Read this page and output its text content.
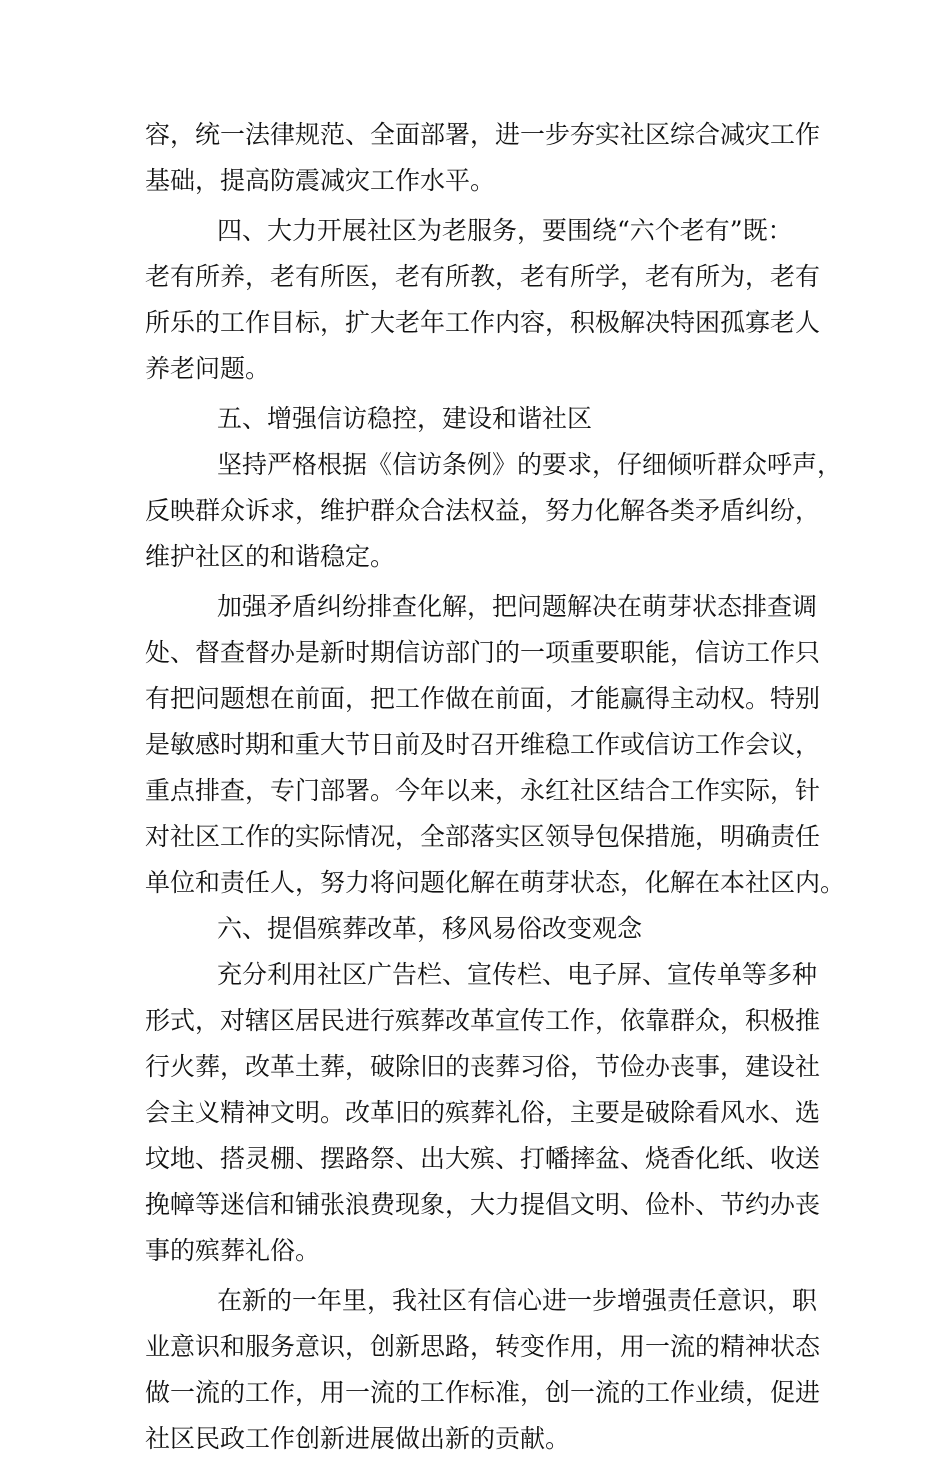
容，统一法律规范、全面部署，进一步夯实社区综合减灾工作
基础，提高防震减灾工作水平。
四、大力开展社区为老服务，要围绕“六个老有”既：
老有所养，老有所医，老有所教，老有所学，老有所为，老有
所乐的工作目标，扩大老年工作内容，积极解决特困孤寡老人
养老问题。
五、增强信访稳控，建设和谐社区
坚持严格根据《信访条例》的要求，仔细倾听群众呼声，
反映群众诉求，维护群众合法权益，努力化解各类矛盾纠纷，
维护社区的和谐稳定。
加强矛盾纠纷排查化解，把问题解决在萌芽状态排查调
处、督查督办是新时期信访部门的一项重要职能，信访工作只
有把问题想在前面，把工作做在前面，才能赢得主动权。特别
是敏感时期和重大节日前及时召开维稳工作或信访工作会议，
重点排查，专门部署。今年以来，永红社区结合工作实际，针
对社区工作的实际情况，全部落实区领导包保措施，明确责任
单位和责任人，努力将问题化解在萌芽状态，化解在本社区内。
六、提倡殡葬改革，移风易俗改变观念
充分利用社区广告栏、宣传栏、电子屏、宣传单等多种
形式，对辖区居民进行殡葬改革宣传工作，依靠群众，积极推
行火葬，改革土葬，破除旧的丧葬习俗，节俭办丧事，建设社
会主义精神文明。改革旧的殡葬礼俗，主要是破除看风水、选
坟地、搭灵棚、摆路祭、出大殡、打幡摔盆、烧香化纸、收送
挽幛等迷信和铺张浪费现象，大力提倡文明、俭朴、节约办丧
事的殡葬礼俗。
在新的一年里，我社区有信心进一步增强责任意识，职
业意识和服务意识，创新思路，转变作用，用一流的精神状态
做一流的工作，用一流的工作标准，创一流的工作业绩，促进
社区民政工作创新进展做出新的贡献。
